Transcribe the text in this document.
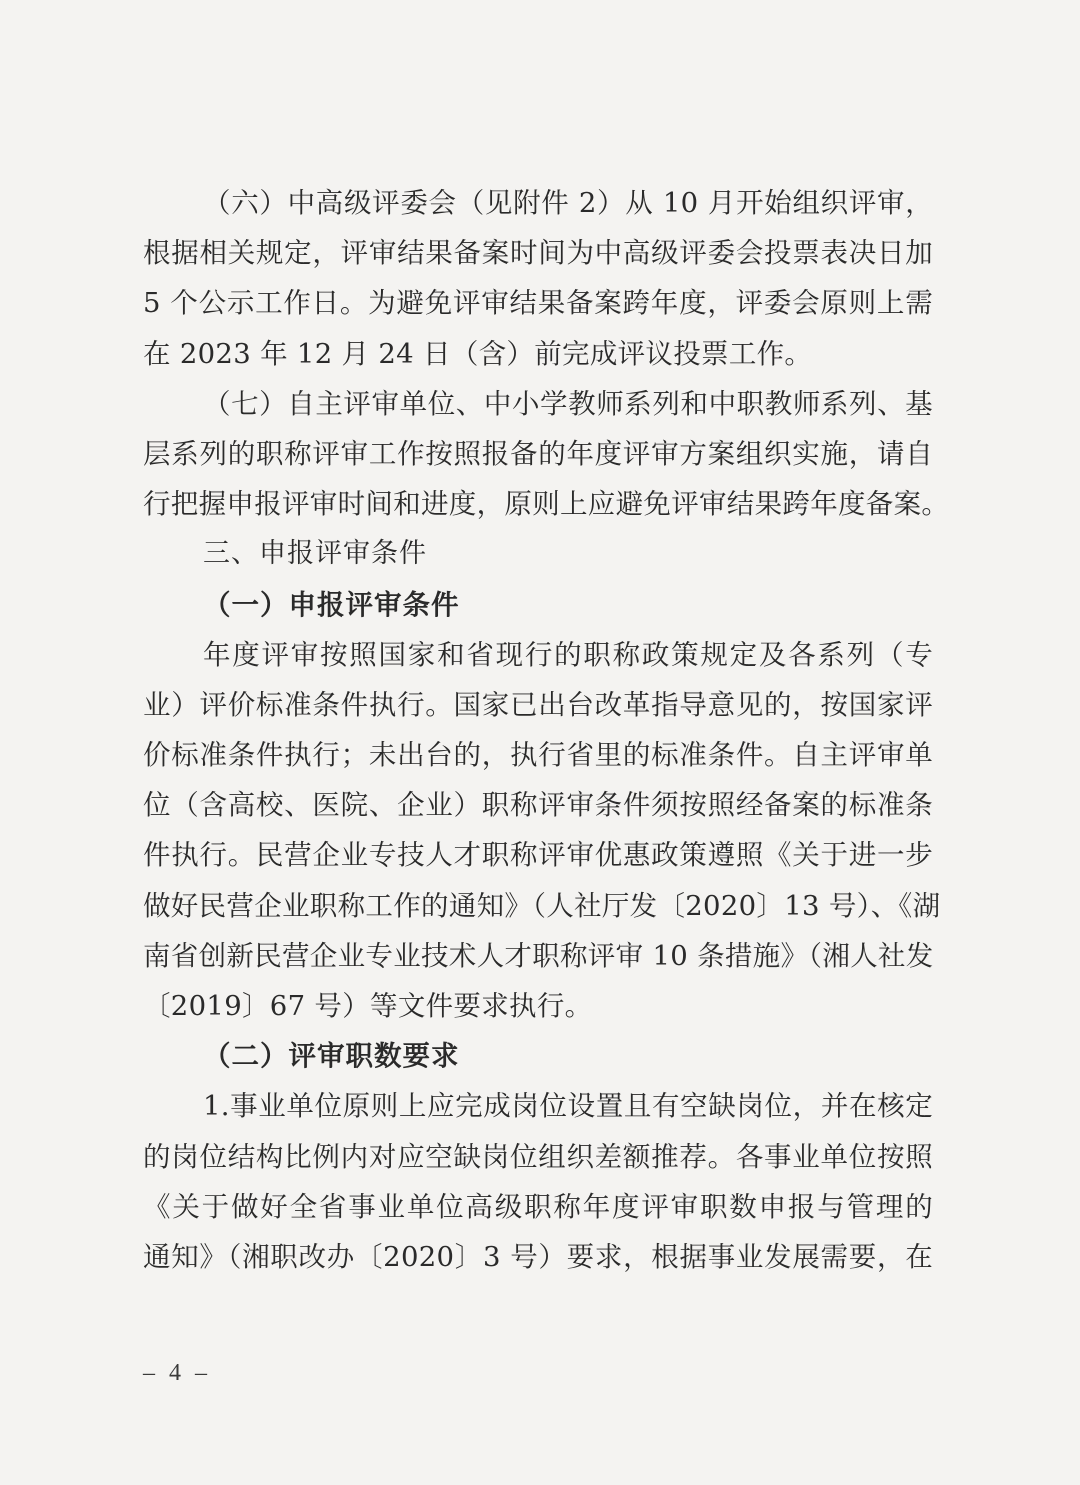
（六）中高级评委会（见附件 2）从 10 月开始组织评审，
根据相关规定，评审结果备案时间为中高级评委会投票表决日加
5 个公示工作日。为避免评审结果备案跨年度，评委会原则上需
在 2023 年 12 月 24 日（含）前完成评议投票工作。
（七）自主评审单位、中小学教师系列和中职教师系列、基
层系列的职称评审工作按照报备的年度评审方案组织实施，请自
行把握申报评审时间和进度，原则上应避免评审结果跨年度备案。
三、申报评审条件
（一）申报评审条件
年度评审按照国家和省现行的职称政策规定及各系列（专
业）评价标准条件执行。国家已出台改革指导意见的，按国家评
价标准条件执行；未出台的，执行省里的标准条件。自主评审单
位（含高校、医院、企业）职称评审条件须按照经备案的标准条
件执行。民营企业专技人才职称评审优惠政策遵照《关于进一步
做好民营企业职称工作的通知》（人社厅发〔2020〕13 号）、《湖
南省创新民营企业专业技术人才职称评审 10 条措施》（湘人社发
〔2019〕67 号）等文件要求执行。
（二）评审职数要求
1.事业单位原则上应完成岗位设置且有空缺岗位，并在核定
的岗位结构比例内对应空缺岗位组织差额推荐。各事业单位按照
《关于做好全省事业单位高级职称年度评审职数申报与管理的
通知》（湘职改办〔2020〕3 号）要求，根据事业发展需要，在
– 4 –
